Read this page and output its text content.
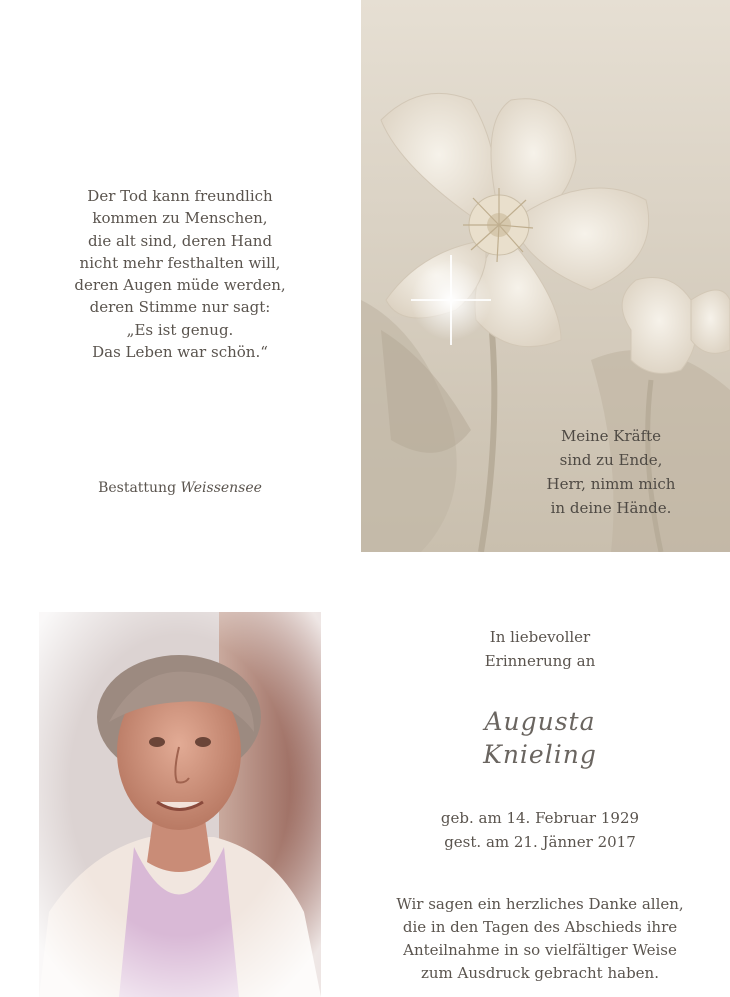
Der Tod kann freundlich
kommen zu Menschen,
die alt sind, deren Hand
nicht mehr festhalten will,
deren Augen müde werden,
deren Stimme nur sagt:
„Es ist genug.
Das Leben war schön.“
Bestattung Weissensee
Meine Kräfte
sind zu Ende,
Herr, nimm mich
in deine Hände.
In liebevoller
Erinnerung an
Augusta
Knieling
geb. am 14. Februar 1929
gest. am 21. Jänner 2017
Wir sagen ein herzliches Danke allen,
die in den Tagen des Abschieds ihre
Anteilnahme in so vielfältiger Weise
zum Ausdruck gebracht haben.
